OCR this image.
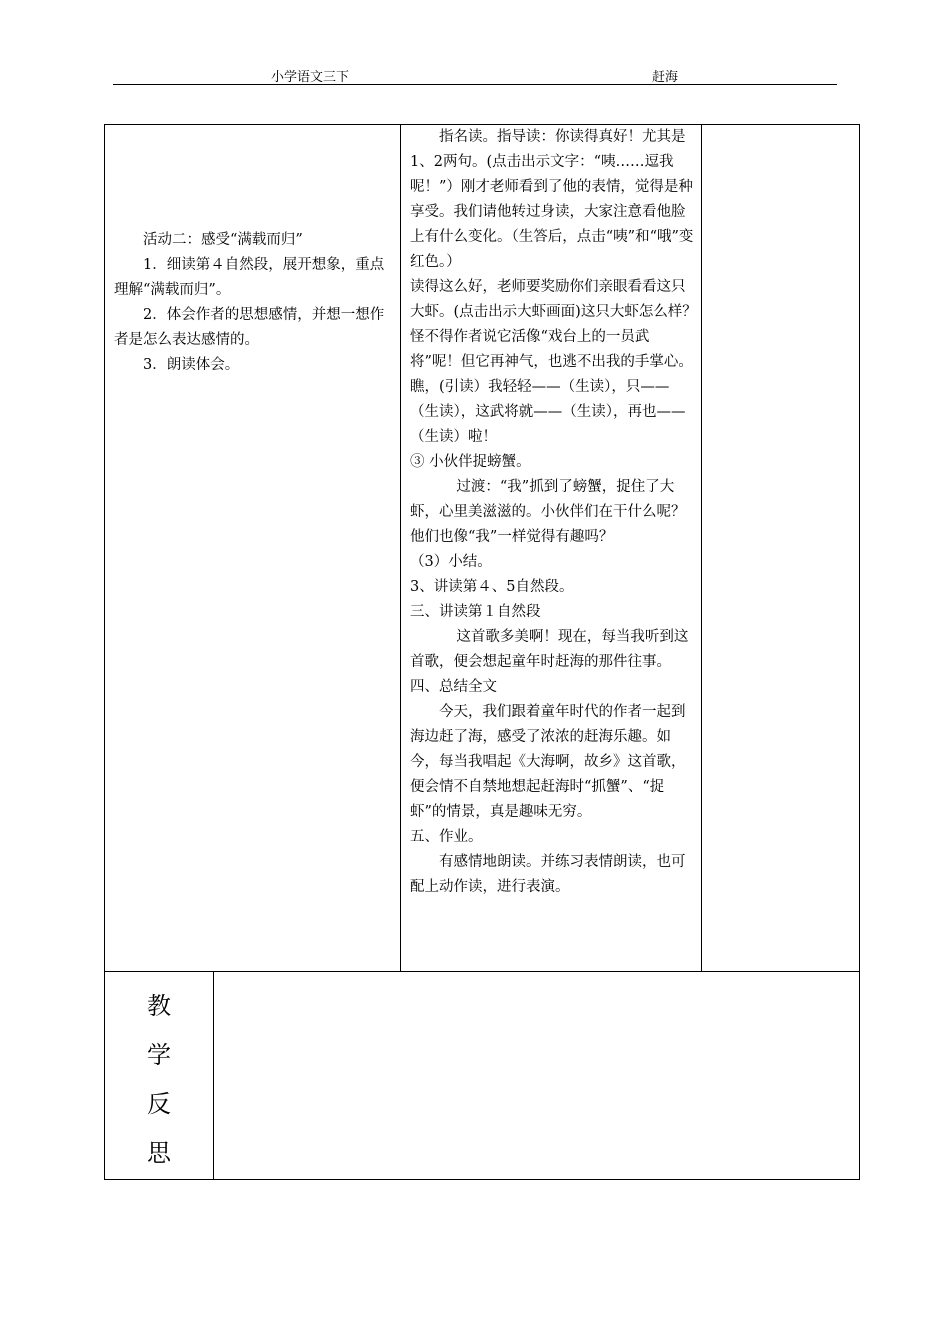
小学语文三下	赶海

活动二：感受“满载而归”

1．细读第４自然段，展开想象，重点理解“满载而归”。

2．体会作者的思想感情，并想一想作者是怎么表达感情的。

3．朗读体会。

指名读。指导读：你读得真好！尤其是1、2两句。(点击出示文字：“咦……逗我呢！”）刚才老师看到了他的表情，觉得是种享受。我们请他转过身读，大家注意看他脸上有什么变化。（生答后，点击“咦”和“哦”变红色。）

读得这么好，老师要奖励你们亲眼看看这只大虾。(点击出示大虾画面)这只大虾怎么样？怪不得作者说它活像“戏台上的一员武将”呢！但它再神气，也逃不出我的手掌心。瞧，(引读）我轻轻——（生读），只——（生读），这武将就——（生读），再也——（生读）啦！

③ 小伙伴捉螃蟹。

过渡：“我”抓到了螃蟹，捉住了大虾，心里美滋滋的。小伙伴们在干什么呢？他们也像“我”一样觉得有趣吗？

（3）小结。

3、讲读第４、5自然段。

三、讲读第１自然段

这首歌多美啊！现在，每当我听到这首歌，便会想起童年时赶海的那件往事。

四、总结全文

今天，我们跟着童年时代的作者一起到海边赶了海，感受了浓浓的赶海乐趣。如今，每当我唱起《大海啊，故乡》这首歌，便会情不自禁地想起赶海时“抓蟹”、“捉虾”的情景，真是趣味无穷。

五、作业。

有感情地朗读。并练习表情朗读，也可配上动作读，进行表演。

教
学
反
思
